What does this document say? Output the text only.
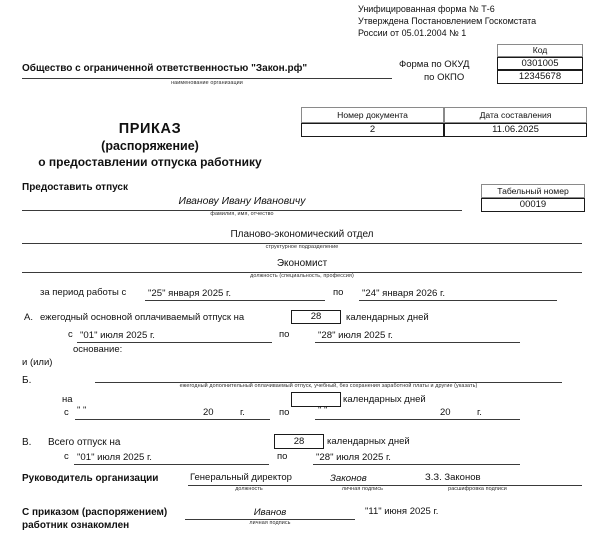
Унифицированная форма № Т-6
Утверждена Постановлением Госкомстата
России от 05.01.2004 № 1
Код
Форма по ОКУД	0301005
по ОКПО	12345678
Общество с ограниченной ответственностью "Закон.рф"
наименование организации
Номер документа	Дата составления
2	11.06.2025
ПРИКАЗ
(распоряжение)
о предоставлении отпуска работнику
Предоставить отпуск
Иванову Ивану Ивановичу
фамилия, имя, отчество
Табельный номер
00019
Планово-экономический отдел
структурное подразделение
Экономист
должность (специальность, профессия)
за период работы с "25" января 2025 г.	по "24" января 2026 г.
А. ежегодный основной оплачиваемый отпуск на	28	календарных дней
с "01" июля 2025 г.	по	"28" июля 2025 г.
основание:
и (или)
Б.	ежегодный дополнительный оплачиваемый отпуск, учебный, без сохранения заработной платы и другие (указать)
на	календарных дней
с " "	20	г.	по	" "	20	г.
В. Всего отпуск на	28	календарных дней
с "01" июля 2025 г.	по	"28" июля 2025 г.
Руководитель организации	Генеральный директор
должность
Законов
личная подпись
З.З. Законов
расшифровка подписи
С приказом (распоряжением)
работник ознакомлен
Иванов
личная подпись
"11" июня 2025 г.
